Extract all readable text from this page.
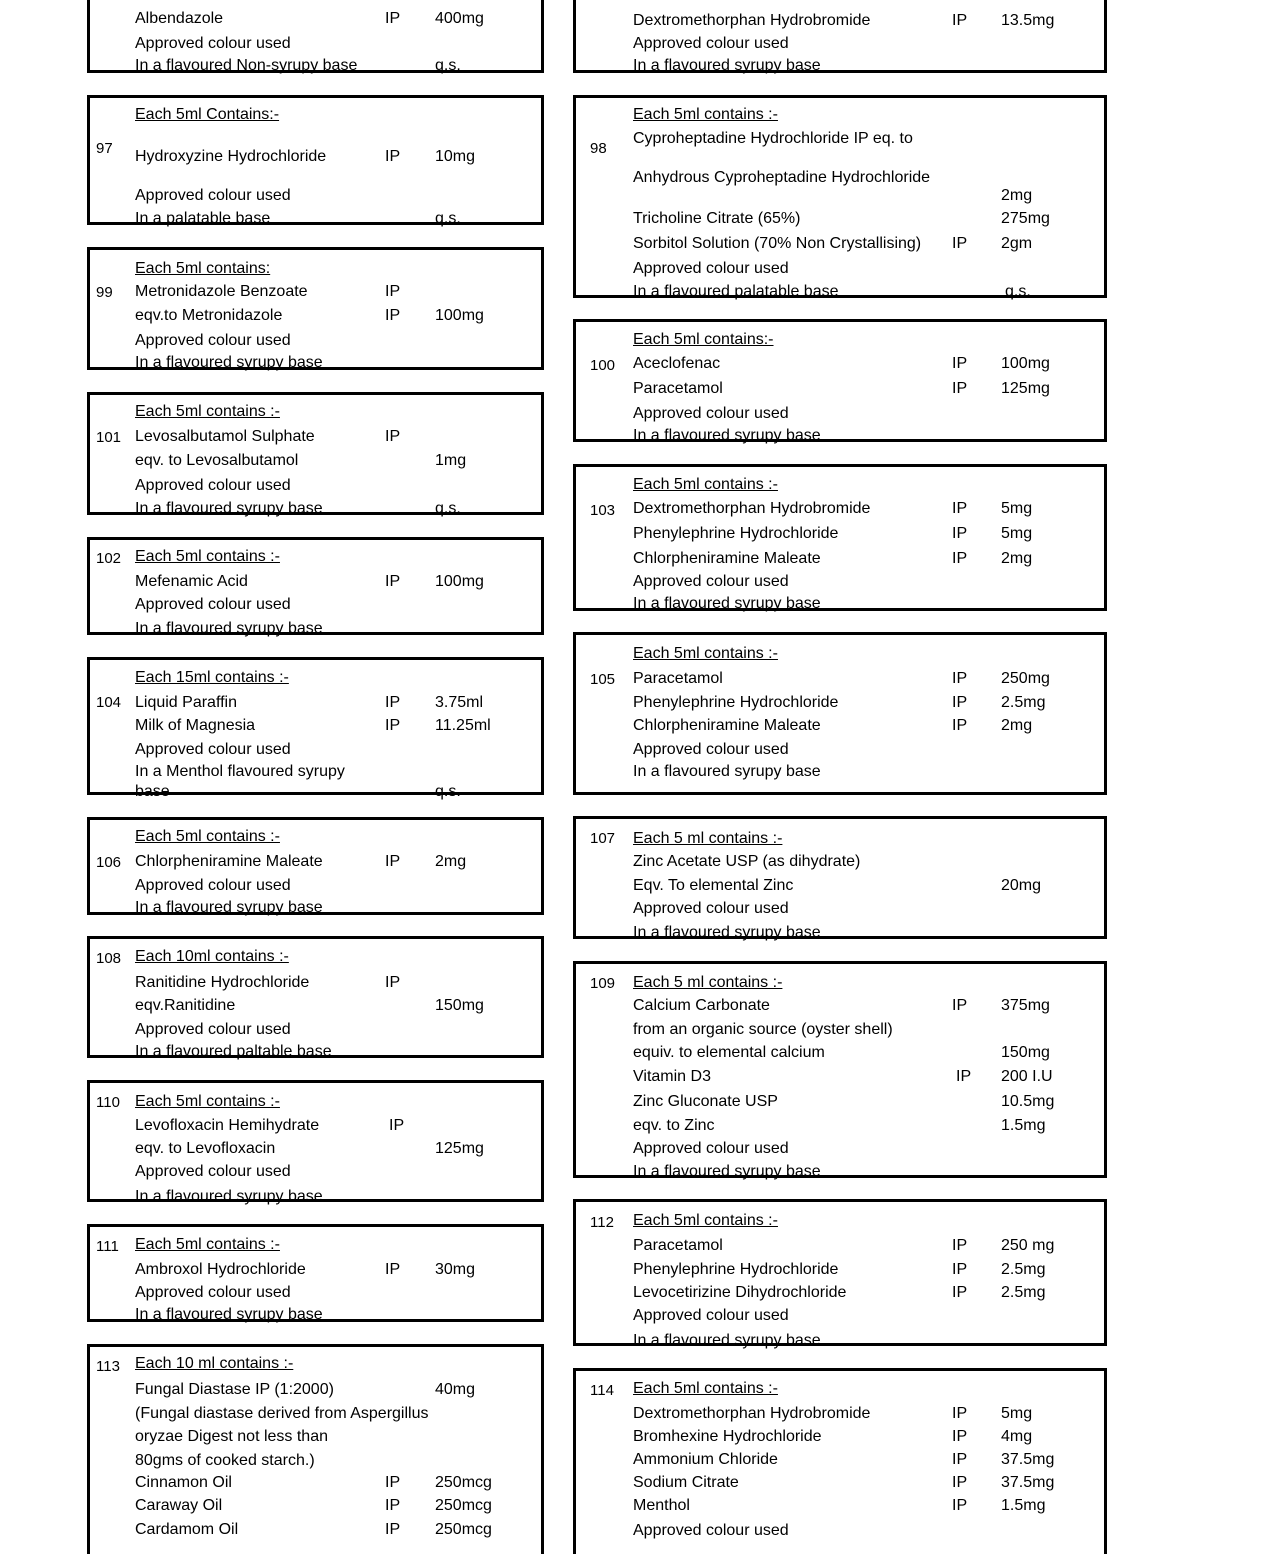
Albendazole	IP 400mg
Approved colour used
In a flavoured Non-syrupy base	q.s.
97
Each 5ml Contains:-
Hydroxyzine Hydrochloride	IP 10mg
Approved colour used
In a palatable base	q.s.
99
Each 5ml contains:
Metronidazole Benzoate	IP
eqv.to Metronidazole	IP 100mg
Approved colour used
In a flavoured syrupy base
101
Each 5ml contains :-
Levosalbutamol Sulphate	IP
eqv. to Levosalbutamol	1mg
Approved colour used
In a flavoured syrupy base	q.s.
102 Each 5ml contains :-
Mefenamic Acid	IP 100mg
Approved colour used
In a flavoured syrupy base
104
Each 15ml contains :-
Liquid Paraffin	IP 3.75ml
Milk of Magnesia	IP 11.25ml
Approved colour used
In a Menthol flavoured syrupy
base	q.s.
106
Each 5ml contains :-
Chlorpheniramine Maleate	IP 2mg
Approved colour used
In a flavoured syrupy base
108 Each 10ml contains :-
Ranitidine Hydrochloride	IP
eqv.Ranitidine	150mg
Approved colour used
In a flavoured paltable base
110 Each 5ml contains :-
Levofloxacin Hemihydrate	IP
eqv. to Levofloxacin	125mg
Approved colour used
In a flavoured syrupy base
111 Each 5ml contains :-
Ambroxol Hydrochloride	IP 30mg
Approved colour used
In a flavoured syrupy base
113 Each 10 ml contains :-
Fungal Diastase IP (1:2000)	40mg
(Fungal diastase derived from Aspergillus
oryzae Digest not less than
80gms of cooked starch.)
Cinnamon Oil	IP 250mcg
Caraway Oil	IP 250mcg
Cardamom Oil	IP 250mcg
Dextromethorphan Hydrobromide	IP 13.5mg
Approved colour used
In a flavoured syrupy base
98
Each 5ml contains :-
Cyproheptadine Hydrochloride IP eq. to
Anhydrous Cyproheptadine Hydrochloride
2mg
Tricholine Citrate (65%)	275mg
Sorbitol Solution (70% Non Crystallising) IP 2gm
Approved colour used
In a flavoured palatable base	q.s.
100
Each 5ml contains:-
Aceclofenac	IP 100mg
Paracetamol	IP 125mg
Approved colour used
In a flavoured syrupy base
103
Each 5ml contains :-
Dextromethorphan Hydrobromide	IP 5mg
Phenylephrine Hydrochloride	IP 5mg
Chlorpheniramine Maleate	IP 2mg
Approved colour used
In a flavoured syrupy base
105
Each 5ml contains :-
Paracetamol	IP 250mg
Phenylephrine Hydrochloride	IP 2.5mg
Chlorpheniramine Maleate	IP 2mg
Approved colour used
In a flavoured syrupy base
107 Each 5 ml contains :-
Zinc Acetate USP (as dihydrate)
Eqv. To elemental Zinc	20mg
Approved colour used
In a flavoured syrupy base
109 Each 5 ml contains :-
Calcium Carbonate	IP 375mg
from an organic source (oyster shell)
equiv. to elemental calcium	150mg
Vitamin D3	IP 200 I.U
Zinc Gluconate USP	10.5mg
eqv. to Zinc	1.5mg
Approved colour used
In a flavoured syrupy base
112 Each 5ml contains :-
Paracetamol	IP 250 mg
Phenylephrine Hydrochloride	IP 2.5mg
Levocetirizine Dihydrochloride	IP 2.5mg
Approved colour used
In a flavoured syrupy base
114 Each 5ml contains :-
Dextromethorphan Hydrobromide	IP 5mg
Bromhexine Hydrochloride	IP 4mg
Ammonium Chloride	IP 37.5mg
Sodium Citrate	IP 37.5mg
Menthol	IP 1.5mg
Approved colour used
